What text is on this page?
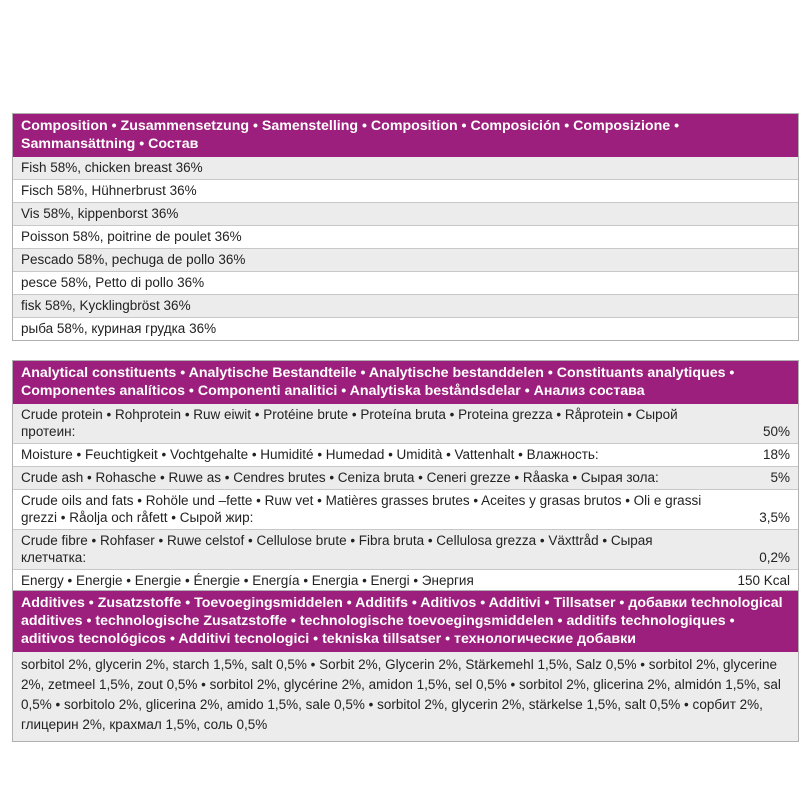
Composition • Zusammensetzung • Samenstelling • Composition • Composición • Composizione • Sammansättning • Состав
Fish 58%, chicken breast 36%
Fisch 58%, Hühnerbrust 36%
Vis 58%, kippenborst 36%
Poisson 58%, poitrine de poulet 36%
Pescado 58%, pechuga de pollo 36%
pesce 58%, Petto di pollo 36%
fisk 58%, Kycklingbröst 36%
рыба 58%, куриная грудка 36%
Analytical constituents • Analytische Bestandteile • Analytische bestanddelen • Constituants analytiques • Componentes analíticos • Componenti analitici • Analytiska beståndsdelar • Анализ состава
Crude protein • Rohprotein • Ruw eiwit • Protéine brute • Proteína bruta • Proteina grezza • Råprotein • Сырой протеин:	50%
Moisture • Feuchtigkeit • Vochtgehalte • Humidité • Humedad • Umidità • Vattenhalt • Влажность:	18%
Crude ash • Rohasche • Ruwe as • Cendres brutes • Ceniza bruta • Ceneri grezze • Råaska • Сырая зола:	5%
Crude oils and fats • Rohöle und –fette • Ruw vet • Matières grasses brutes • Aceites y grasas brutos • Oli e grassi grezzi • Råolja och råfett • Сырой жир:	3,5%
Crude fibre • Rohfaser • Ruwe celstof • Cellulose brute • Fibra bruta • Cellulosa grezza • Växttråd • Сырая клетчатка:	0,2%
Energy • Energie • Energie • Énergie • Energía • Energia • Energi • Энергия	150 Kcal
Additives • Zusatzstoffe • Toevoegingsmiddelen • Additifs • Aditivos • Additivi • Tillsatser • добавки technological additives • technologische Zusatzstoffe • technologische toevoegingsmiddelen • additifs technologiques • aditivos tecnológicos • Additivi tecnologici • tekniska tillsatser • технологические добавки
sorbitol 2%, glycerin 2%, starch 1,5%, salt 0,5% • Sorbit 2%, Glycerin 2%, Stärkemehl 1,5%, Salz 0,5% • sorbitol 2%, glycerine 2%, zetmeel 1,5%, zout 0,5% • sorbitol 2%, glycérine 2%, amidon 1,5%, sel 0,5% • sorbitol 2%, glicerina 2%, almidón 1,5%, sal 0,5% • sorbitolo 2%, glicerina 2%, amido 1,5%, sale 0,5% • sorbitol 2%, glycerin 2%, stärkelse 1,5%, salt 0,5% • сорбит 2%, глицерин 2%, крахмал 1,5%, соль 0,5%
